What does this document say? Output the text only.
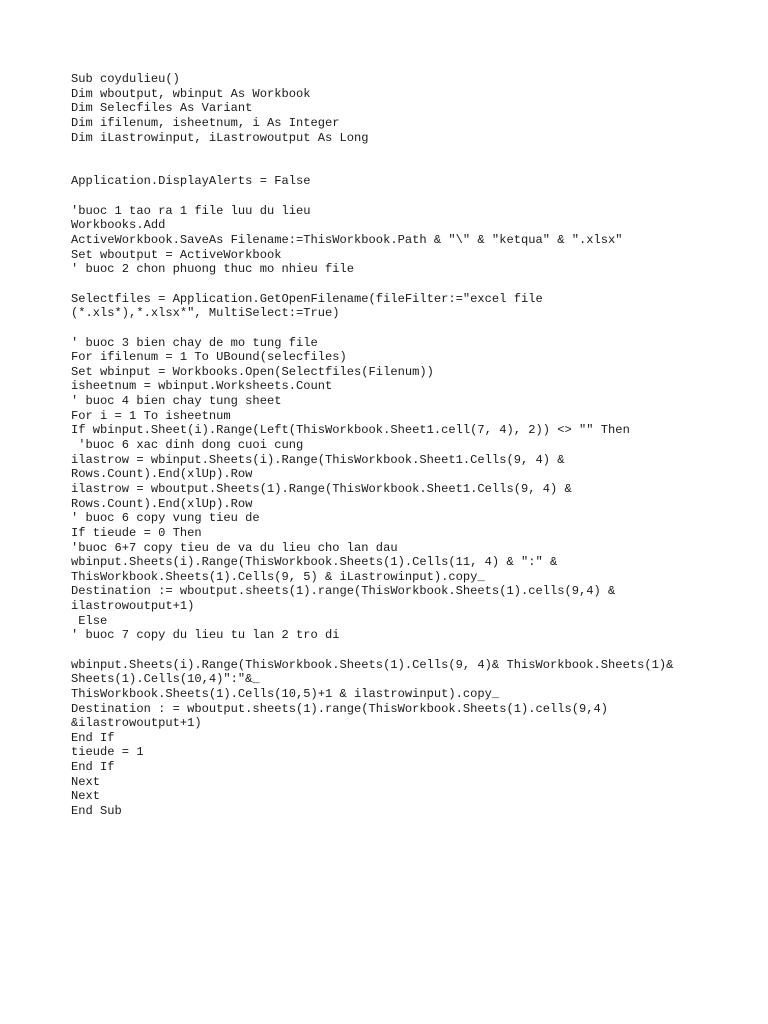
Sub coydulieu()
Dim wboutput, wbinput As Workbook
Dim Selecfiles As Variant
Dim ifilenum, isheetnum, i As Integer
Dim iLastrowinput, iLastrowoutput As Long
Application.DisplayAlerts = False
'buoc 1 tao ra 1 file luu du lieu
Workbooks.Add
ActiveWorkbook.SaveAs Filename:=ThisWorkbook.Path & "\" & "ketqua" & ".xlsx"
Set wboutput = ActiveWorkbook
' buoc 2 chon phuong thuc mo nhieu file
Selectfiles = Application.GetOpenFilename(fileFilter:="excel file
(*.xls*),*.xlsx*", MultiSelect:=True)
' buoc 3 bien chay de mo tung file
For ifilenum = 1 To UBound(selecfiles)
Set wbinput = Workbooks.Open(Selectfiles(Filenum))
isheetnum = wbinput.Worksheets.Count
' buoc 4 bien chay tung sheet
For i = 1 To isheetnum
If wbinput.Sheet(i).Range(Left(ThisWorkbook.Sheet1.cell(7, 4), 2)) <> "" Then
'buoc 6 xac dinh dong cuoi cung
ilastrow = wbinput.Sheets(i).Range(ThisWorkbook.Sheet1.Cells(9, 4) &
Rows.Count).End(xlUp).Row
ilastrow = wboutput.Sheets(1).Range(ThisWorkbook.Sheet1.Cells(9, 4) &
Rows.Count).End(xlUp).Row
' buoc 6 copy vung tieu de
If tieude = 0 Then
'buoc 6+7 copy tieu de va du lieu cho lan dau
wbinput.Sheets(i).Range(ThisWorkbook.Sheets(1).Cells(11, 4) & ":" &
ThisWorkbook.Sheets(1).Cells(9, 5) & iLastrowinput).copy_
Destination := wboutput.sheets(1).range(ThisWorkbook.Sheets(1).cells(9,4) &
ilastrowoutput+1)
Else
' buoc 7 copy du lieu tu lan 2 tro di
wbinput.Sheets(i).Range(ThisWorkbook.Sheets(1).Cells(9, 4)& ThisWorkbook.Sheets(1)&
Sheets(1).Cells(10,4)":"&_
ThisWorkbook.Sheets(1).Cells(10,5)+1 & ilastrowinput).copy_
Destination : = wboutput.sheets(1).range(ThisWorkbook.Sheets(1).cells(9,4)
&ilastrowoutput+1)
End If
tieude = 1
End If
Next
Next
End Sub
